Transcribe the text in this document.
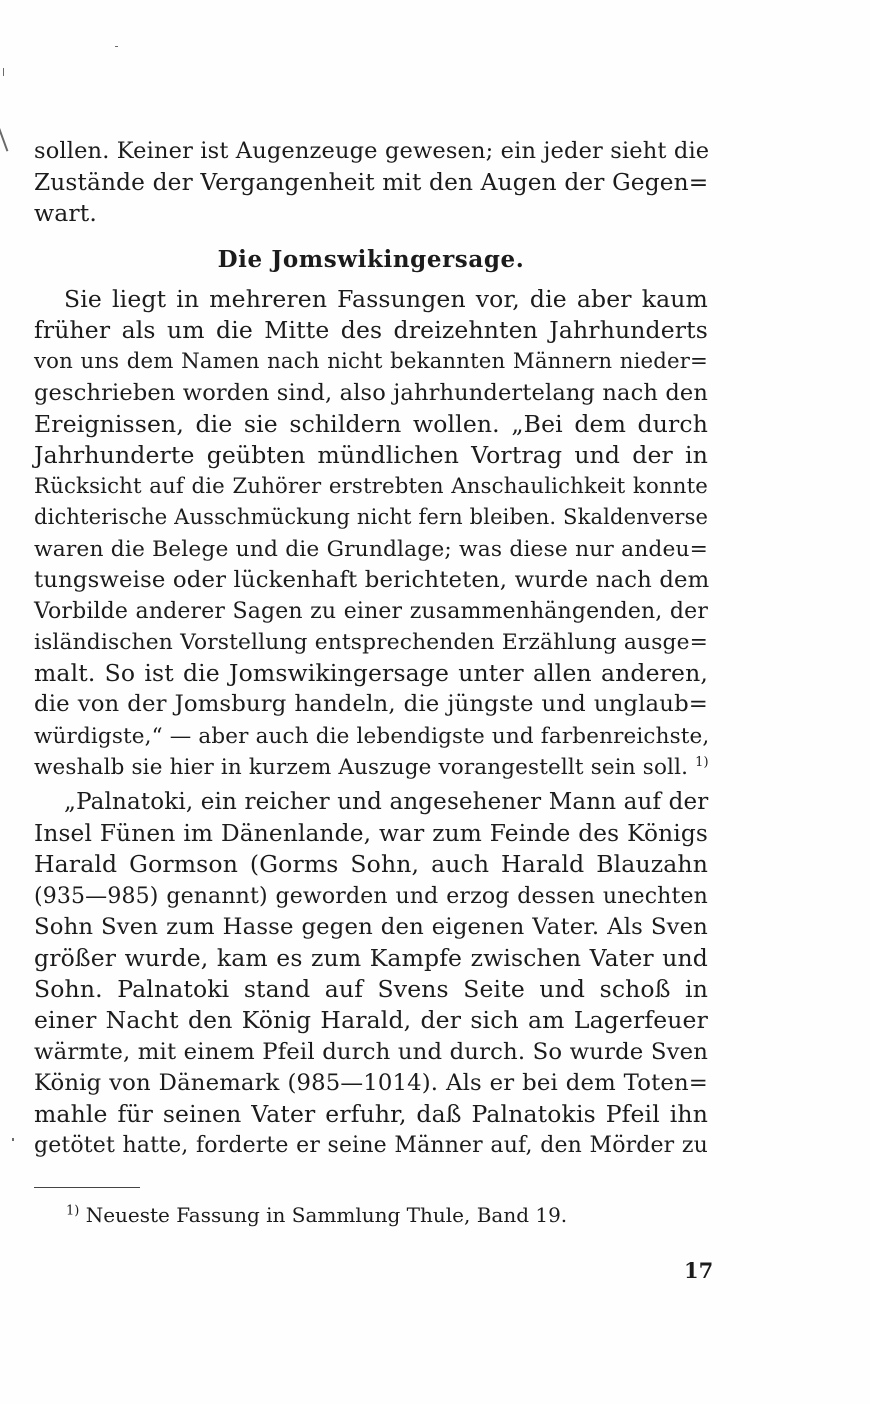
sollen. Keiner ist Augenzeuge gewesen; ein jeder sieht die
Zustände der Vergangenheit mit den Augen der Gegen=
wart.
Die Jomswikingersage.
Sie liegt in mehreren Fassungen vor, die aber kaum
früher als um die Mitte des dreizehnten Jahrhunderts
von uns dem Namen nach nicht bekannten Männern nieder=
geschrieben worden sind, also jahrhundertelang nach den
Ereignissen, die sie schildern wollen. „Bei dem durch
Jahrhunderte geübten mündlichen Vortrag und der in
Rücksicht auf die Zuhörer erstrebten Anschaulichkeit konnte
dichterische Ausschmückung nicht fern bleiben. Skaldenverse
waren die Belege und die Grundlage; was diese nur andeu=
tungsweise oder lückenhaft berichteten, wurde nach dem
Vorbilde anderer Sagen zu einer zusammenhängenden, der
isländischen Vorstellung entsprechenden Erzählung ausge=
malt. So ist die Jomswikingersage unter allen anderen,
die von der Jomsburg handeln, die jüngste und unglaub=
würdigste,“ — aber auch die lebendigste und farbenreichste,
weshalb sie hier in kurzem Auszuge vorangestellt sein soll. $^{1)}$
„Palnatoki, ein reicher und angesehener Mann auf der
Insel Fünen im Dänenlande, war zum Feinde des Königs
Harald Gormson (Gorms Sohn, auch Harald Blauzahn
(935—985) genannt) geworden und erzog dessen unechten
Sohn Sven zum Hasse gegen den eigenen Vater. Als Sven
größer wurde, kam es zum Kampfe zwischen Vater und
Sohn. Palnatoki stand auf Svens Seite und schoß in
einer Nacht den König Harald, der sich am Lagerfeuer
wärmte, mit einem Pfeil durch und durch. So wurde Sven
König von Dänemark (985—1014). Als er bei dem Toten=
mahle für seinen Vater erfuhr, daß Palnatokis Pfeil ihn
getötet hatte, forderte er seine Männer auf, den Mörder zu
$^{1)}$ Neueste Fassung in Sammlung Thule, Band 19.
17
